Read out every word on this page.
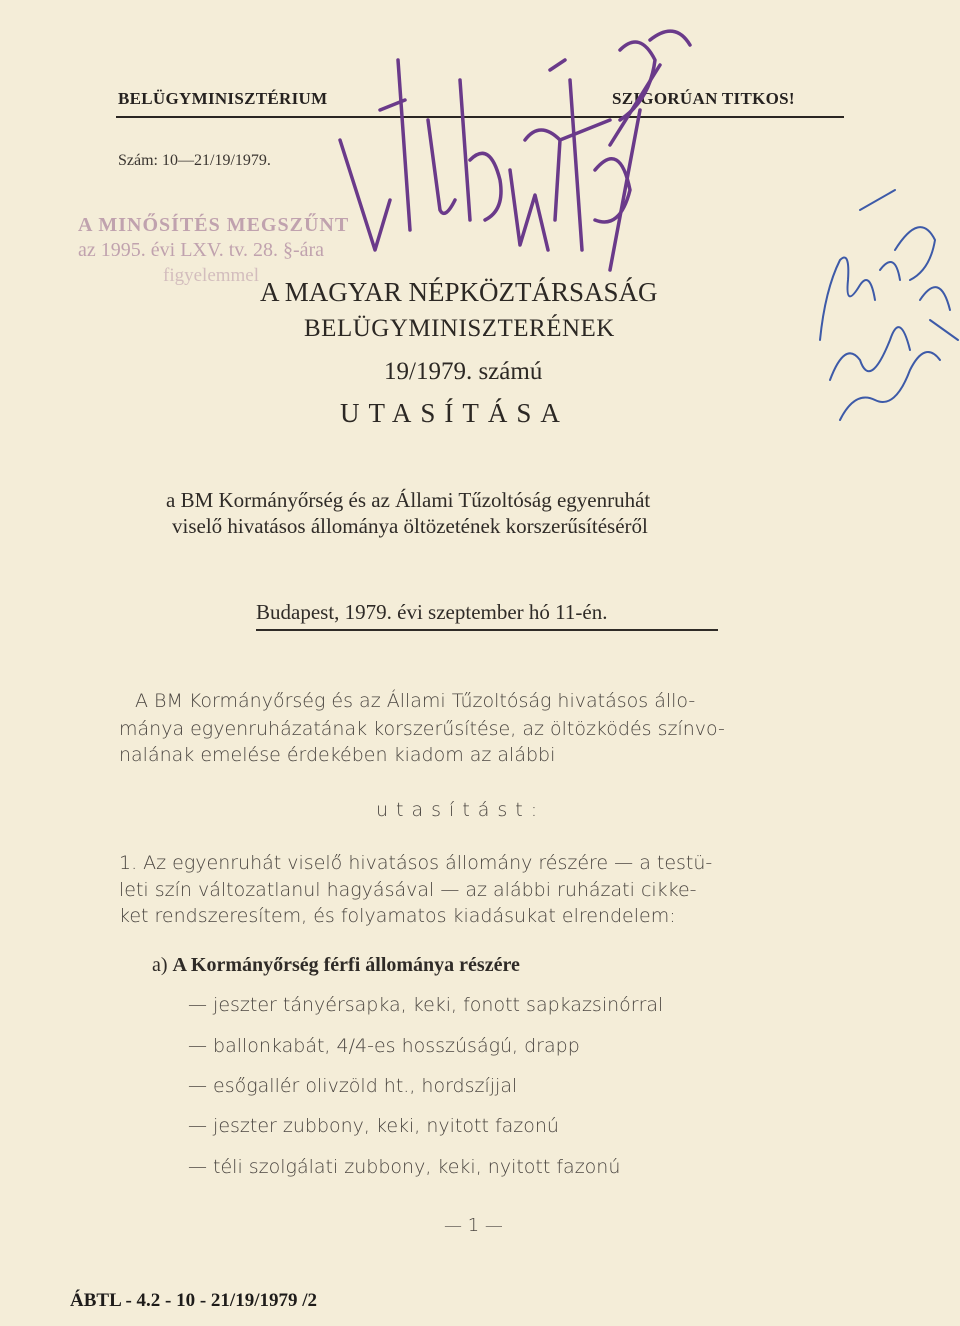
BELÜGYMINISZTÉRIUM	SZIGORÚAN TITKOS!
Szám: 10—21/19/1979.
A MINŐSÍTÉS MEGSZŰNT
az 1995. évi LXV. tv. 28. §-ára
figyelemmel
A MAGYAR NÉPKÖZTÁRSASÁG
BELÜGYMINISZTERÉNEK
19/1979. számú
UTASÍTÁSA
a BM Kormányőrség és az Állami Tűzoltóság egyenruhát
viselő hivatásos állománya öltözetének korszerűsítéséről
Budapest, 1979. évi szeptember hó 11-én.
A BM Kormányőrség és az Állami Tűzoltóság hivatásos állo-
mánya egyenruházatának korszerűsítése, az öltözködés színvo-
nalának emelése érdekében kiadom az alábbi
utasítást:
1. Az egyenruhát viselő hivatásos állomány részére — a testü-
leti szín változatlanul hagyásával — az alábbi ruházati cikke-
ket rendszeresítem, és folyamatos kiadásukat elrendelem:
a) A Kormányőrség férfi állománya részére
— jeszter tányérsapka, keki, fonott sapkazsinórral
— ballonkabát, 4/4-es hosszúságú, drapp
— esőgallér olivzöld ht., hordszíjjal
— jeszter zubbony, keki, nyitott fazonú
— téli szolgálati zubbony, keki, nyitott fazonú
— 1 —
ÁBTL - 4.2 - 10 - 21/19/1979 /2
